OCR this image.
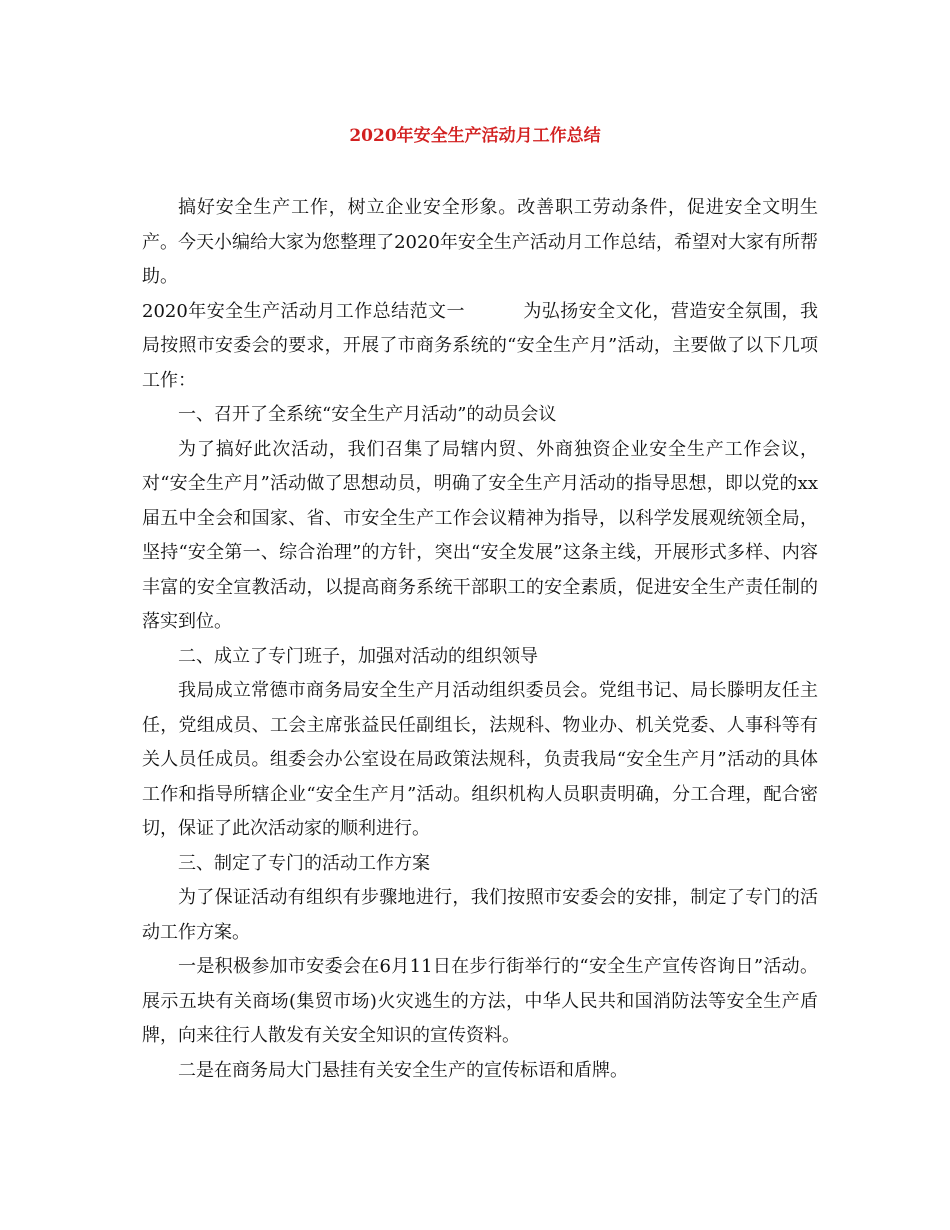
2020年安全生产活动月工作总结

搞好安全生产工作，树立企业安全形象。改善职工劳动条件，促进安全文明生产。今天小编给大家为您整理了2020年安全生产活动月工作总结，希望对大家有所帮助。

2020年安全生产活动月工作总结范文一	为弘扬安全文化，营造安全氛围，我局按照市安委会的要求，开展了市商务系统的“安全生产月”活动，主要做了以下几项工作：

一、召开了全系统“安全生产月活动”的动员会议

为了搞好此次活动，我们召集了局辖内贸、外商独资企业安全生产工作会议，对“安全生产月”活动做了思想动员，明确了安全生产月活动的指导思想，即以党的xx届五中全会和国家、省、市安全生产工作会议精神为指导，以科学发展观统领全局，坚持“安全第一、综合治理”的方针，突出“安全发展”这条主线，开展形式多样、内容丰富的安全宣教活动，以提高商务系统干部职工的安全素质，促进安全生产责任制的落实到位。

二、成立了专门班子，加强对活动的组织领导

我局成立常德市商务局安全生产月活动组织委员会。党组书记、局长滕明友任主任，党组成员、工会主席张益民任副组长，法规科、物业办、机关党委、人事科等有关人员任成员。组委会办公室设在局政策法规科，负责我局“安全生产月”活动的具体工作和指导所辖企业“安全生产月”活动。组织机构人员职责明确，分工合理，配合密切，保证了此次活动家的顺利进行。

三、制定了专门的活动工作方案

为了保证活动有组织有步骤地进行，我们按照市安委会的安排，制定了专门的活动工作方案。

一是积极参加市安委会在6月11日在步行街举行的“安全生产宣传咨询日”活动。展示五块有关商场(集贸市场)火灾逃生的方法，中华人民共和国消防法等安全生产盾牌，向来往行人散发有关安全知识的宣传资料。

二是在商务局大门悬挂有关安全生产的宣传标语和盾牌。
